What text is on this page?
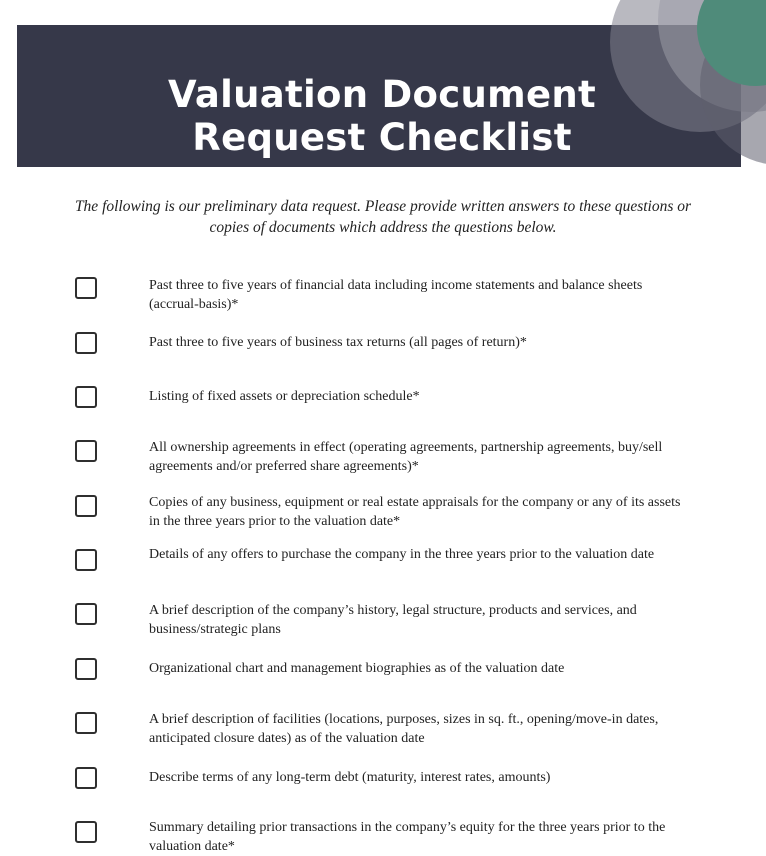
Valuation Document
Request Checklist

The following is our preliminary data request. Please provide written answers to these questions or copies of documents which address the questions below.

Past three to five years of financial data including income statements and balance sheets (accrual-basis)*
Past three to five years of business tax returns (all pages of return)*
Listing of fixed assets or depreciation schedule*
All ownership agreements in effect (operating agreements, partnership agreements, buy/sell agreements and/or preferred share agreements)*
Copies of any business, equipment or real estate appraisals for the company or any of its assets in the three years prior to the valuation date*
Details of any offers to purchase the company in the three years prior to the valuation date
A brief description of the company’s history, legal structure, products and services, and business/strategic plans
Organizational chart and management biographies as of the valuation date
A brief description of facilities (locations, purposes, sizes in sq. ft., opening/move-in dates, anticipated closure dates) as of the valuation date
Describe terms of any long-term debt (maturity, interest rates, amounts)
Summary detailing prior transactions in the company’s equity for the three years prior to the valuation date*
